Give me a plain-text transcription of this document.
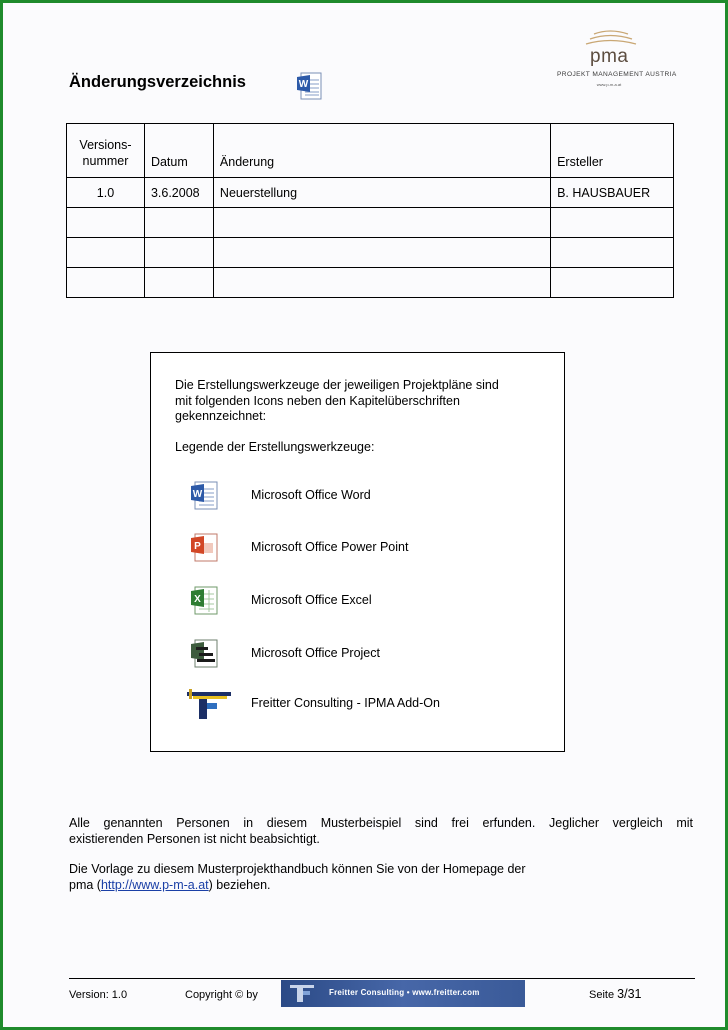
Änderungsverzeichnis	W
pma
PROJEKT MANAGEMENT AUSTRIA
www.p-m-a.at
Versions-
nummer	Datum	Änderung	Ersteller
1.0	3.6.2008	Neuerstellung	B. HAUSBAUER

Die Erstellungswerkzeuge der jeweiligen Projektpläne sind
mit folgenden Icons neben den Kapitelüberschriften
gekennzeichnet:
Legende der Erstellungswerkzeuge:
W	Microsoft Office Word
P	Microsoft Office Power Point
X	Microsoft Office Excel
Microsoft Office Project
Freitter Consulting - IPMA Add-On
Alle genannten Personen in diesem Musterbeispiel sind frei erfunden. Jeglicher vergleich mit
existierenden Personen ist nicht beabsichtigt.
Die Vorlage zu diesem Musterprojekthandbuch können Sie von der Homepage der
pma (http://www.p-m-a.at) beziehen.
Version: 1.0	Copyright © by	Freitter Consulting • www.freitter.com	Seite 3/31
